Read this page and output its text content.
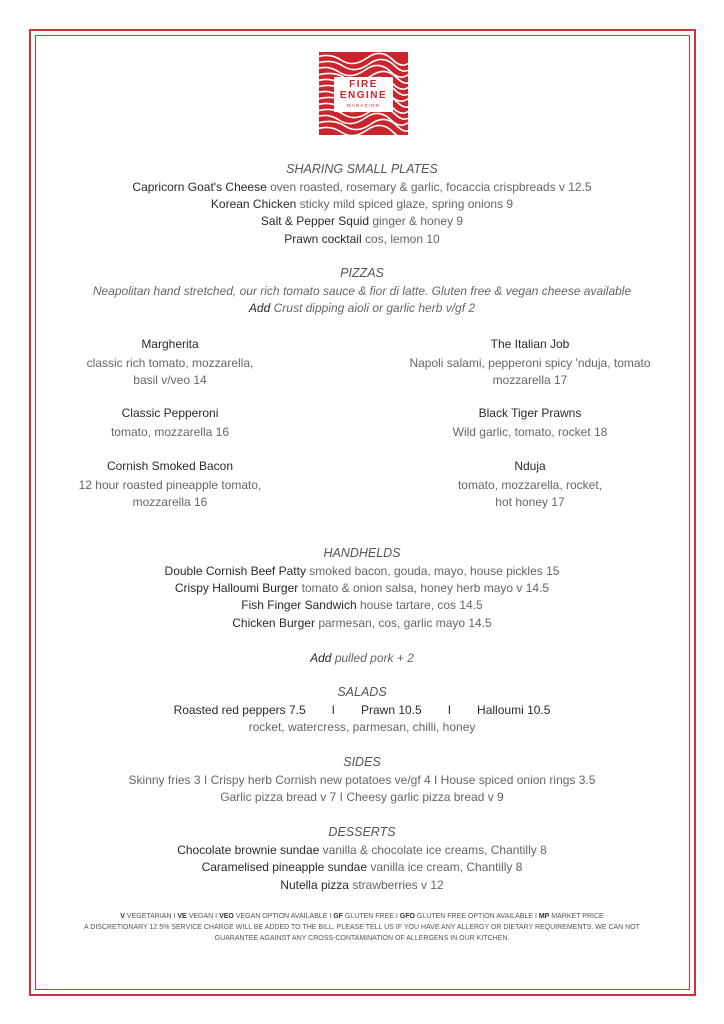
FIRE
ENGINE
MARAZION
SHARING SMALL PLATES
Capricorn Goat's Cheese oven roasted, rosemary & garlic, focaccia crispbreads v 12.5
Korean Chicken sticky mild spiced glaze, spring onions 9
Salt & Pepper Squid ginger & honey 9
Prawn cocktail cos, lemon 10
PIZZAS
Neapolitan hand stretched, our rich tomato sauce & fior di latte. Gluten free & vegan cheese available
Add Crust dipping aioli or garlic herb v/gf 2
Margherita
classic rich tomato, mozzarella,
basil v/veo 14
The Italian Job
Napoli salami, pepperoni spicy 'nduja, tomato
mozzarella 17
Classic Pepperoni
tomato, mozzarella 16
Black Tiger Prawns
Wild garlic, tomato, rocket 18
Cornish Smoked Bacon
12 hour roasted pineapple tomato,
mozzarella 16
Nduja
tomato, mozzarella, rocket,
hot honey 17
HANDHELDS
Double Cornish Beef Patty smoked bacon, gouda, mayo, house pickles 15
Crispy Halloumi Burger tomato & onion salsa, honey herb mayo v 14.5
Fish Finger Sandwich house tartare, cos 14.5
Chicken Burger parmesan, cos, garlic mayo 14.5
Add pulled pork + 2
SALADS
Roasted red peppers 7.5 I Prawn 10.5 I Halloumi 10.5
rocket, watercress, parmesan, chilli, honey
SIDES
Skinny fries 3 I Crispy herb Cornish new potatoes ve/gf 4 I House spiced onion rings 3.5
Garlic pizza bread v 7 I Cheesy garlic pizza bread v 9
DESSERTS
Chocolate brownie sundae vanilla & chocolate ice creams, Chantilly 8
Caramelised pineapple sundae vanilla ice cream, Chantilly 8
Nutella pizza strawberries v 12
V VEGETARIAN I VE VEGAN I VEO VEGAN OPTION AVAILABLE I GF GLUTEN FREE I GFO GLUTEN FREE OPTION AVAILABLE I MP MARKET PRICE
A DISCRETIONARY 12.5% SERVICE CHARGE WILL BE ADDED TO THE BILL. PLEASE TELL US IF YOU HAVE ANY ALLERGY OR DIETARY REQUIREMENTS. WE CAN NOT
GUARANTEE AGAINST ANY CROSS-CONTAMINATION OF ALLERGENS IN OUR KITCHEN.
